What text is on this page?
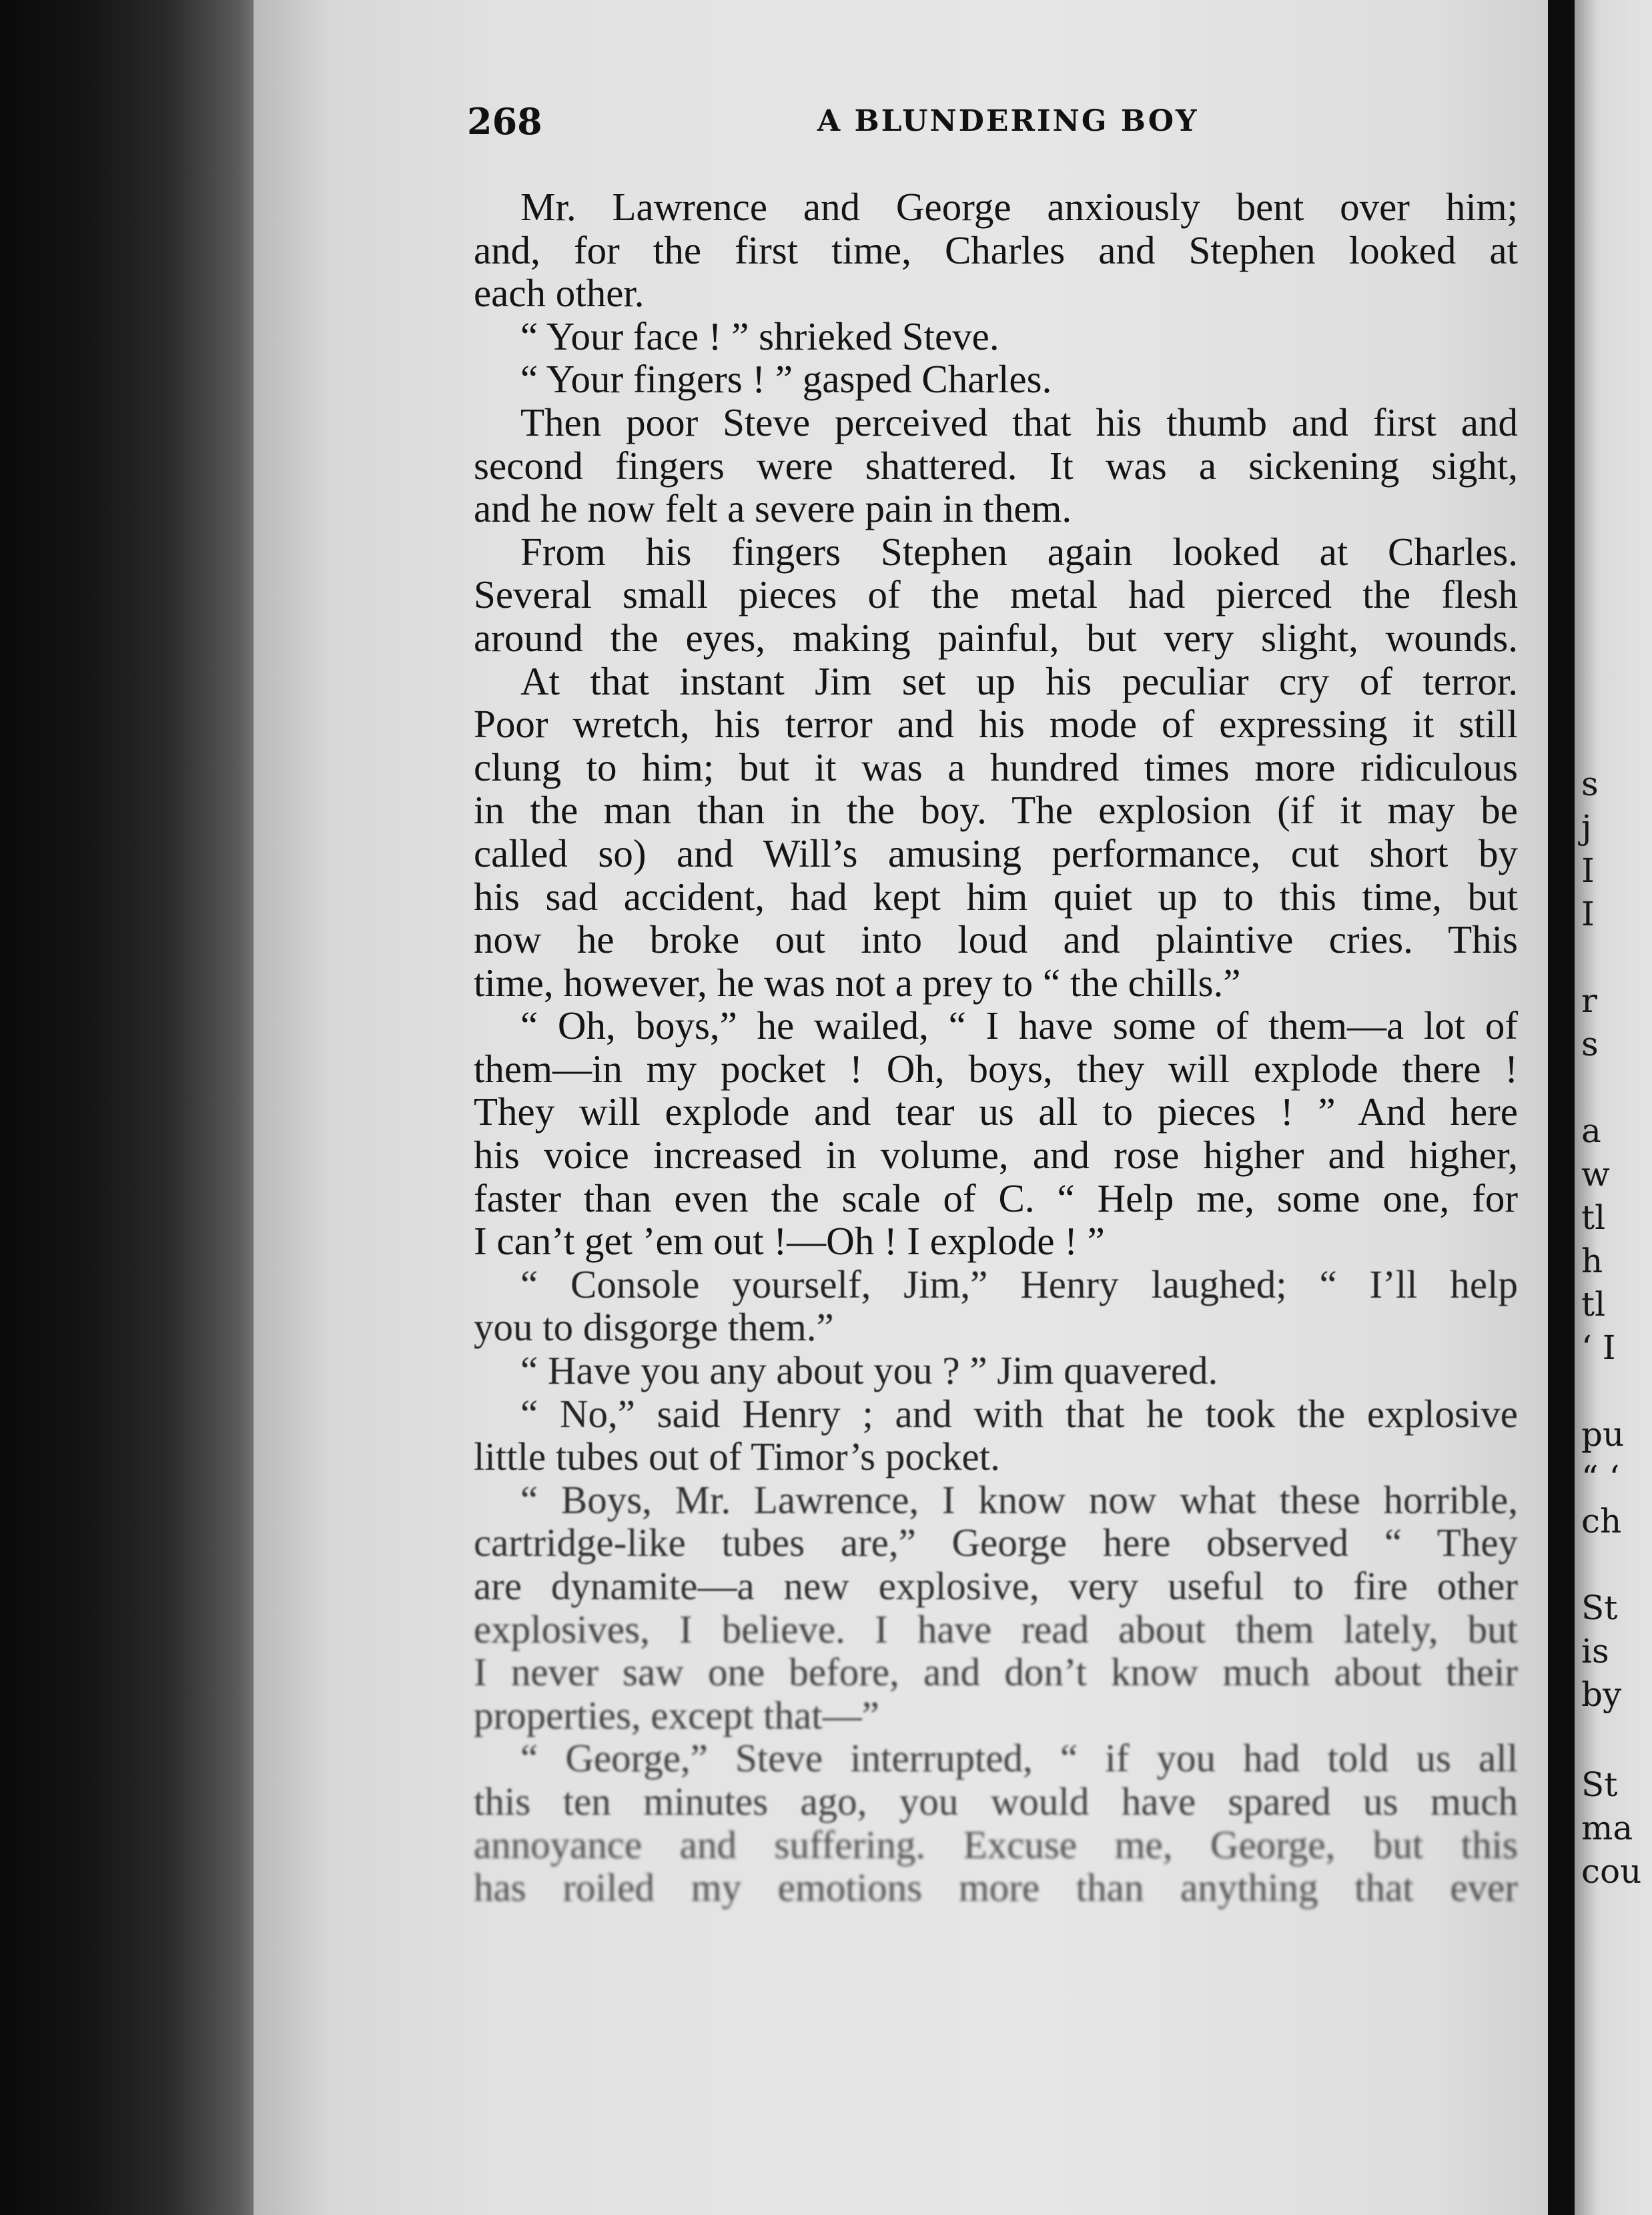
268	A BLUNDERING BOY
Mr. Lawrence and George anxiously bent over him;
and, for the first time, Charles and Stephen looked at
each other.
“ Your face ! ” shrieked Steve.
“ Your fingers ! ” gasped Charles.
Then poor Steve perceived that his thumb and first and
second fingers were shattered. It was a sickening sight,
and he now felt a severe pain in them.
From his fingers Stephen again looked at Charles.
Several small pieces of the metal had pierced the flesh
around the eyes, making painful, but very slight, wounds.
At that instant Jim set up his peculiar cry of terror.
Poor wretch, his terror and his mode of expressing it still
clung to him; but it was a hundred times more ridiculous
in the man than in the boy. The explosion (if it may be
called so) and Will’s amusing performance, cut short by
his sad accident, had kept him quiet up to this time, but
now he broke out into loud and plaintive cries. This
time, however, he was not a prey to “ the chills.”
“ Oh, boys,” he wailed, “ I have some of them—a lot of
them—in my pocket ! Oh, boys, they will explode there !
They will explode and tear us all to pieces ! ” And here
his voice increased in volume, and rose higher and higher,
faster than even the scale of C. “ Help me, some one, for
I can’t get ’em out !—Oh ! I explode ! ”
“ Console yourself, Jim,” Henry laughed; “ I’ll help
you to disgorge them.”
“ Have you any about you ? ” Jim quavered.
“ No,” said Henry ; and with that he took the explosive
little tubes out of Timor’s pocket.
“ Boys, Mr. Lawrence, I know now what these horrible,
cartridge-like tubes are,” George here observed “ They
are dynamite—a new explosive, very useful to fire other
explosives, I believe. I have read about them lately, but
I never saw one before, and don’t know much about their
properties, except that—”
“ George,” Steve interrupted, “ if you had told us all
this ten minutes ago, you would have spared us much
annoyance and suffering. Excuse me, George, but this
has roiled my emotions more than anything that ever
s
j
I
I
r
s
a
w
tl
h
tl
‘ I
pu
“ ‘
ch
St
is
by
St
ma
cou
